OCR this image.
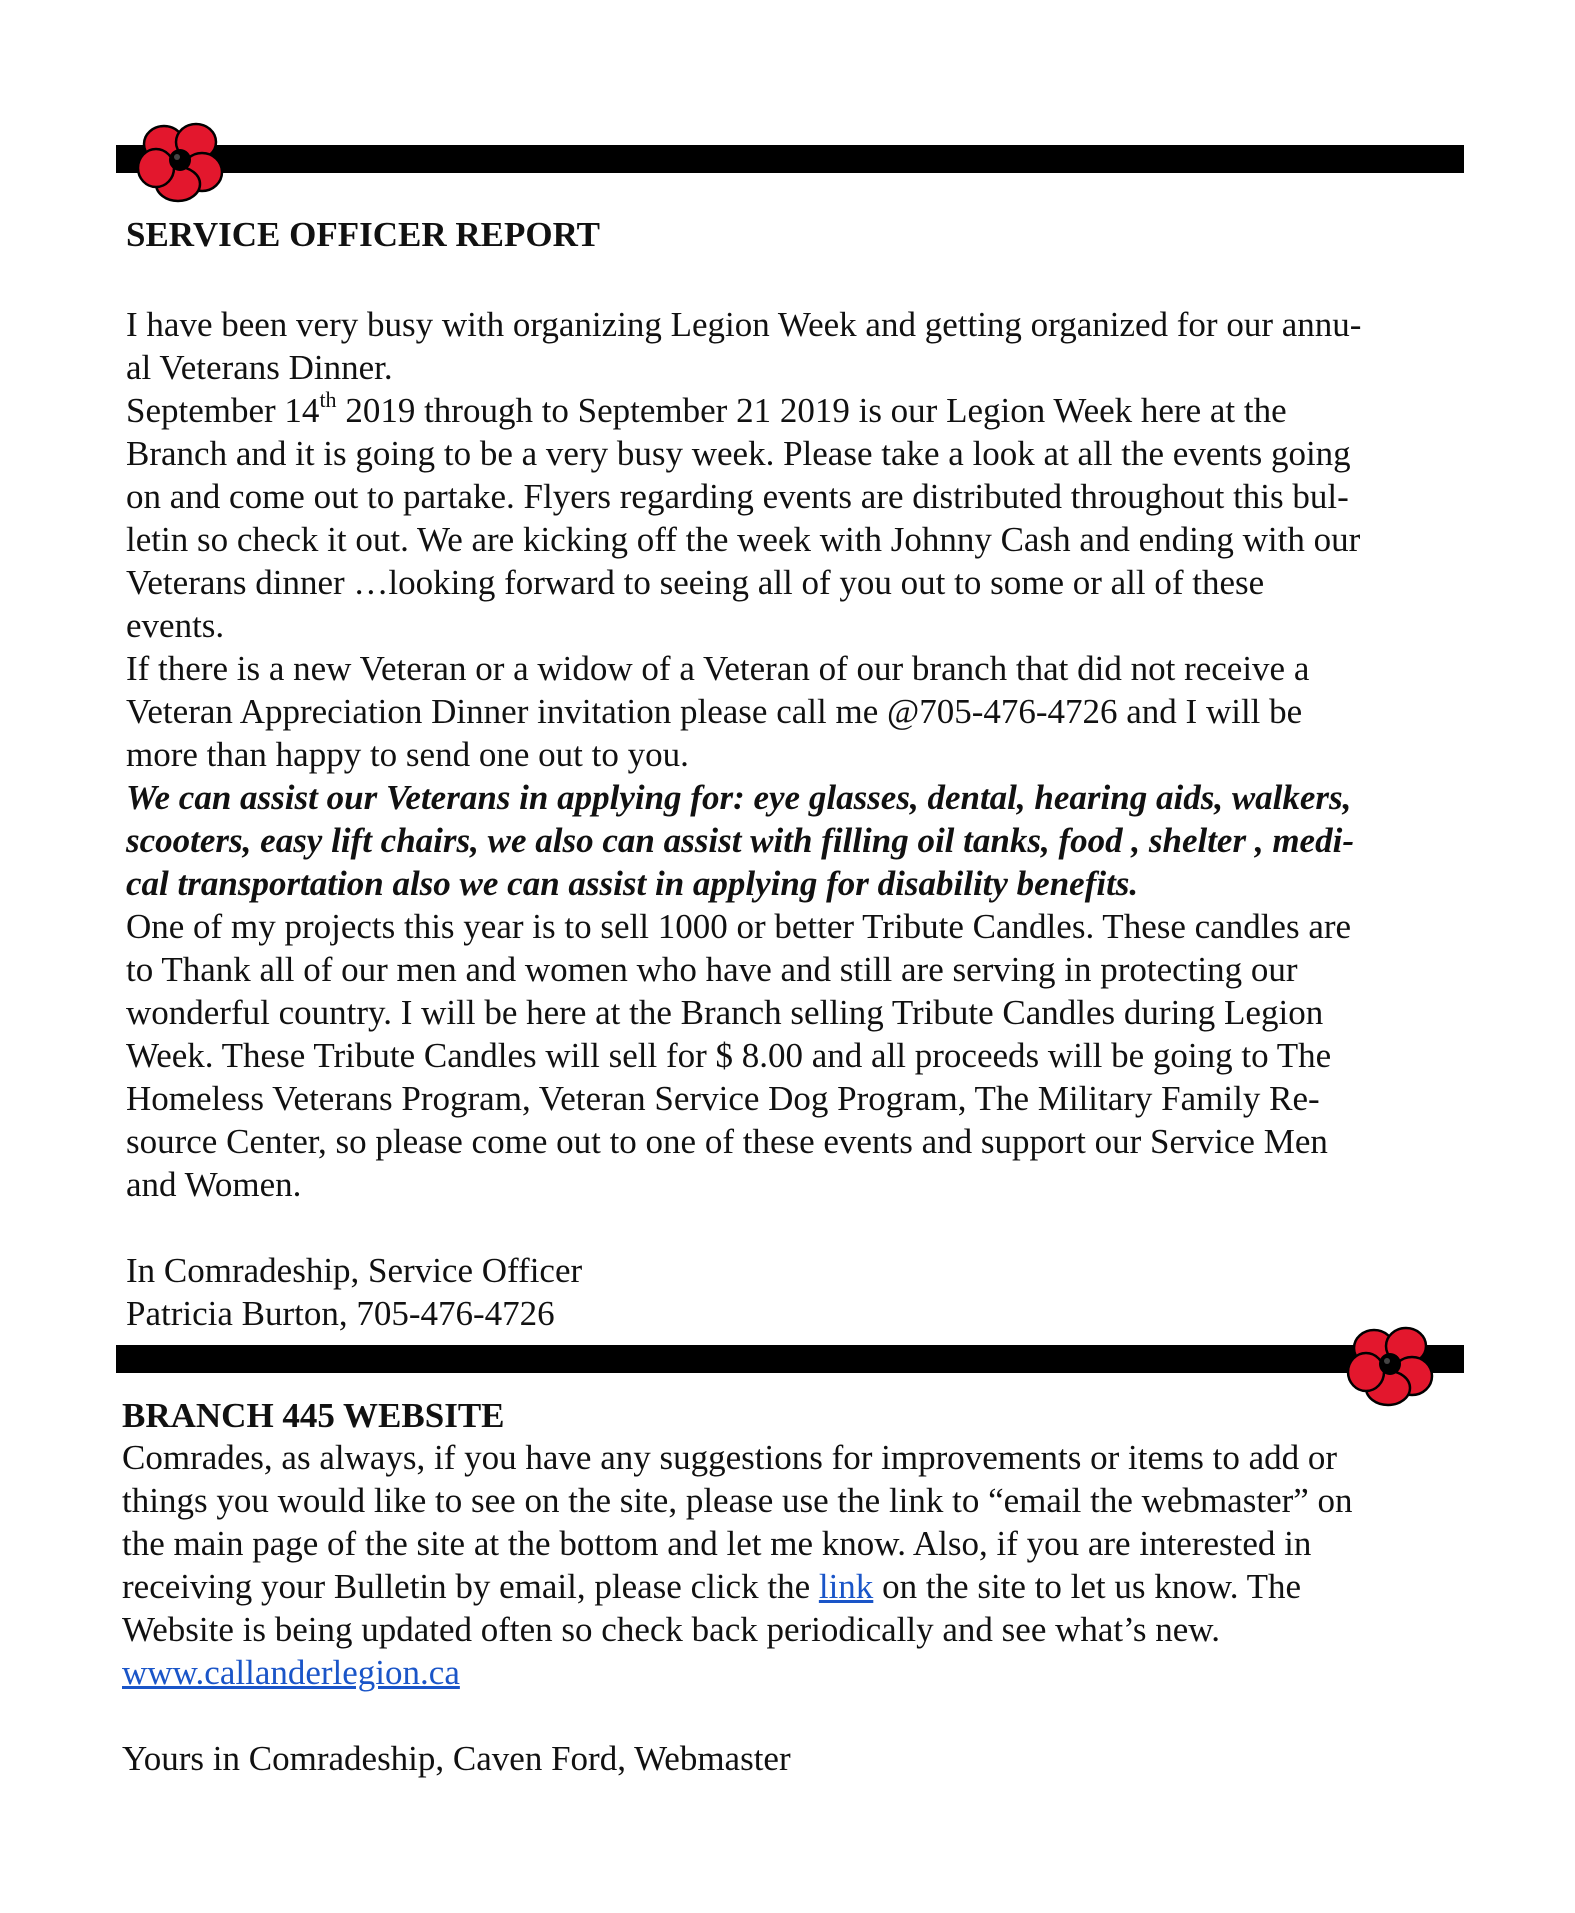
SERVICE OFFICER REPORT
I have been very busy with organizing Legion Week and getting organized for our annu-
al Veterans Dinner.
September 14th 2019 through to September 21 2019 is our Legion Week here at the
Branch and it is going to be a very busy week. Please take a look at all the events going
on and come out to partake. Flyers regarding events are distributed throughout this bul-
letin so check it out. We are kicking off the week with Johnny Cash and ending with our
Veterans dinner …looking forward to seeing all of you out to some or all of these
events.
If there is a new Veteran or a widow of a Veteran of our branch that did not receive a
Veteran Appreciation Dinner invitation please call me @705-476-4726 and I will be
more than happy to send one out to you.
We can assist our Veterans in applying for: eye glasses, dental, hearing aids, walkers,
scooters, easy lift chairs, we also can assist with filling oil tanks, food , shelter , medi-
cal transportation also we can assist in applying for disability benefits.
One of my projects this year is to sell 1000 or better Tribute Candles. These candles are
to Thank all of our men and women who have and still are serving in protecting our
wonderful country. I will be here at the Branch selling Tribute Candles during Legion
Week. These Tribute Candles will sell for $ 8.00 and all proceeds will be going to The
Homeless Veterans Program, Veteran Service Dog Program, The Military Family Re-
source Center, so please come out to one of these events and support our Service Men
and Women.
In Comradeship, Service Officer
Patricia Burton, 705-476-4726
BRANCH 445 WEBSITE
Comrades, as always, if you have any suggestions for improvements or items to add or
things you would like to see on the site, please use the link to “email the webmaster” on
the main page of the site at the bottom and let me know. Also, if you are interested in
receiving your Bulletin by email, please click the link on the site to let us know. The
Website is being updated often so check back periodically and see what’s new.
www.callanderlegion.ca
Yours in Comradeship, Caven Ford, Webmaster
